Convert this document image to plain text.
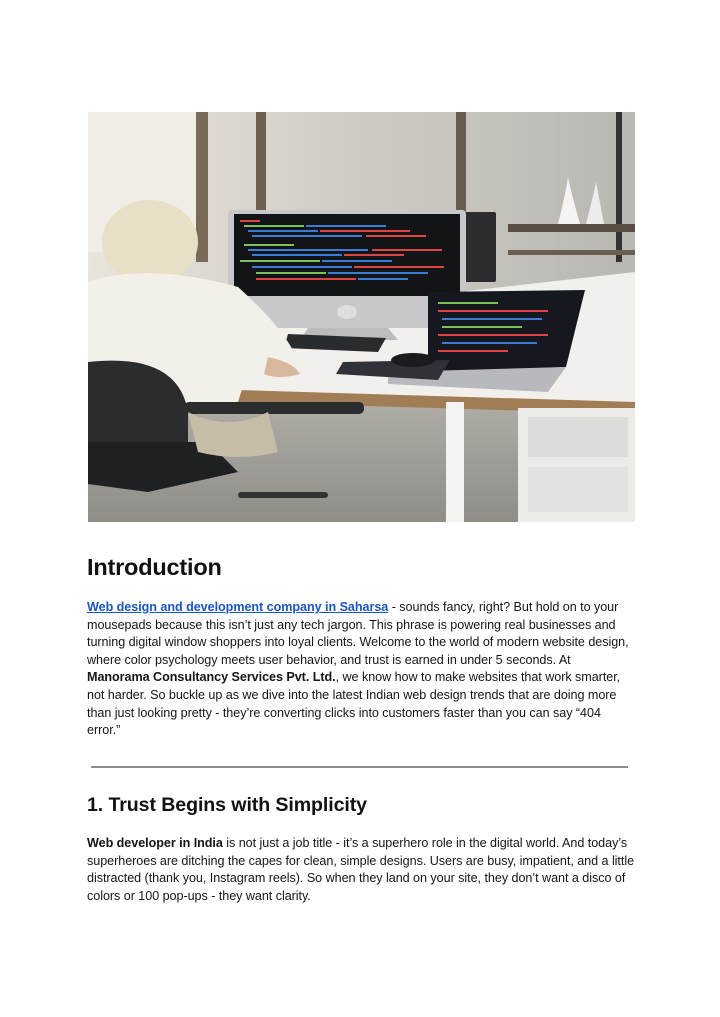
Introduction

Web design and development company in Saharsa - sounds fancy, right? But hold on to your mousepads because this isn’t just any tech jargon. This phrase is powering real businesses and turning digital window shoppers into loyal clients. Welcome to the world of modern website design, where color psychology meets user behavior, and trust is earned in under 5 seconds. At Manorama Consultancy Services Pvt. Ltd., we know how to make websites that work smarter, not harder. So buckle up as we dive into the latest Indian web design trends that are doing more than just looking pretty - they’re converting clicks into customers faster than you can say “404 error.”

1. Trust Begins with Simplicity

Web developer in India is not just a job title - it’s a superhero role in the digital world. And today’s superheroes are ditching the capes for clean, simple designs. Users are busy, impatient, and a little distracted (thank you, Instagram reels). So when they land on your site, they don’t want a disco of colors or 100 pop-ups - they want clarity.
